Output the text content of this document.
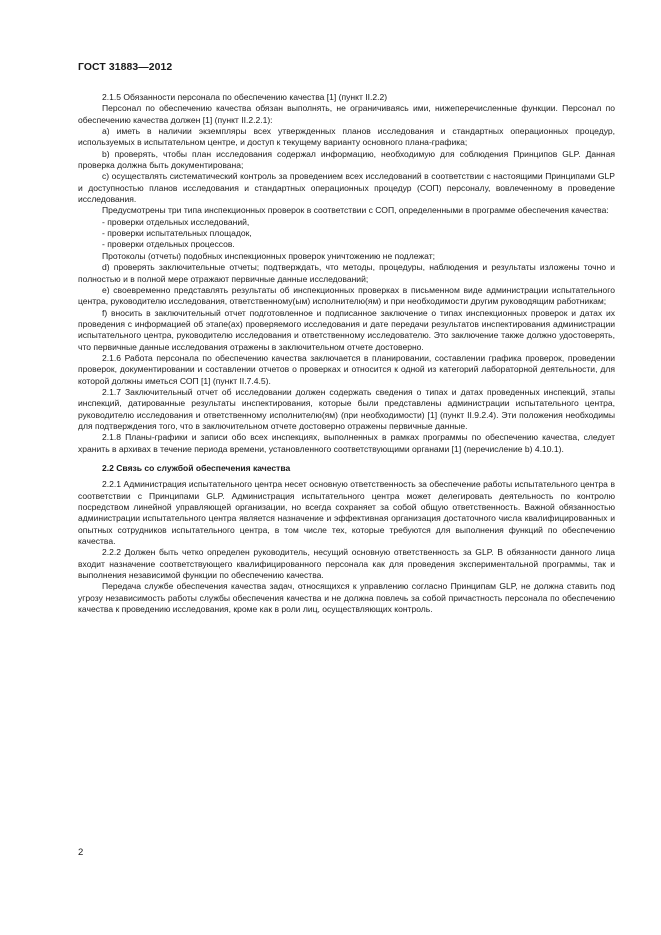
ГОСТ 31883—2012

2.1.5 Обязанности персонала по обеспечению качества [1] (пункт II.2.2)

Персонал по обеспечению качества обязан выполнять, не ограничиваясь ими, нижеперечисленные функции. Персонал по обеспечению качества должен [1] (пункт II.2.2.1):

a) иметь в наличии экземпляры всех утвержденных планов исследования и стандартных операционных процедур, используемых в испытательном центре, и доступ к текущему варианту основного плана-графика;

b) проверять, чтобы план исследования содержал информацию, необходимую для соблюдения Принципов GLP. Данная проверка должна быть документирована;

c) осуществлять систематический контроль за проведением всех исследований в соответствии с настоящими Принципами GLP и доступностью планов исследования и стандартных операционных процедур (СОП) персоналу, вовлеченному в проведение исследования.

Предусмотрены три типа инспекционных проверок в соответствии с СОП, определенными в программе обеспечения качества:

- проверки отдельных исследований,

- проверки испытательных площадок,

- проверки отдельных процессов.

Протоколы (отчеты) подобных инспекционных проверок уничтожению не подлежат;

d) проверять заключительные отчеты; подтверждать, что методы, процедуры, наблюдения и результаты изложены точно и полностью и в полной мере отражают первичные данные исследований;

e) своевременно представлять результаты об инспекционных проверках в письменном виде администрации испытательного центра, руководителю исследования, ответственному(ым) исполнителю(ям) и при необходимости другим руководящим работникам;

f) вносить в заключительный отчет подготовленное и подписанное заключение о типах инспекционных проверок и датах их проведения с информацией об этапе(ах) проверяемого исследования и дате передачи результатов инспектирования администрации испытательного центра, руководителю исследования и ответственному исследователю. Это заключение также должно удостоверять, что первичные данные исследования отражены в заключительном отчете достоверно.

2.1.6 Работа персонала по обеспечению качества заключается в планировании, составлении графика проверок, проведении проверок, документировании и составлении отчетов о проверках и относится к одной из категорий лабораторной деятельности, для которой должны иметься СОП [1] (пункт II.7.4.5).

2.1.7 Заключительный отчет об исследовании должен содержать сведения о типах и датах проведенных инспекций, этапы инспекций, датированные результаты инспектирования, которые были представлены администрации испытательного центра, руководителю исследования и ответственному исполнителю(ям) (при необходимости) [1] (пункт II.9.2.4). Эти положения необходимы для подтверждения того, что в заключительном отчете достоверно отражены первичные данные.

2.1.8 Планы-графики и записи обо всех инспекциях, выполненных в рамках программы по обеспечению качества, следует хранить в архивах в течение периода времени, установленного соответствующими органами [1] (перечисление b) 4.10.1).

2.2 Связь со службой обеспечения качества

2.2.1 Администрация испытательного центра несет основную ответственность за обеспечение работы испытательного центра в соответствии с Принципами GLP. Администрация испытательного центра может делегировать деятельность по контролю посредством линейной управляющей организации, но всегда сохраняет за собой общую ответственность. Важной обязанностью администрации испытательного центра является назначение и эффективная организация достаточного числа квалифицированных и опытных сотрудников испытательного центра, в том числе тех, которые требуются для выполнения функций по обеспечению качества.

2.2.2 Должен быть четко определен руководитель, несущий основную ответственность за GLP. В обязанности данного лица входит назначение соответствующего квалифицированного персонала как для проведения экспериментальной программы, так и выполнения независимой функции по обеспечению качества.

Передача службе обеспечения качества задач, относящихся к управлению согласно Принципам GLP, не должна ставить под угрозу независимость работы службы обеспечения качества и не должна повлечь за собой причастность персонала по обеспечению качества к проведению исследования, кроме как в роли лиц, осуществляющих контроль.

2
